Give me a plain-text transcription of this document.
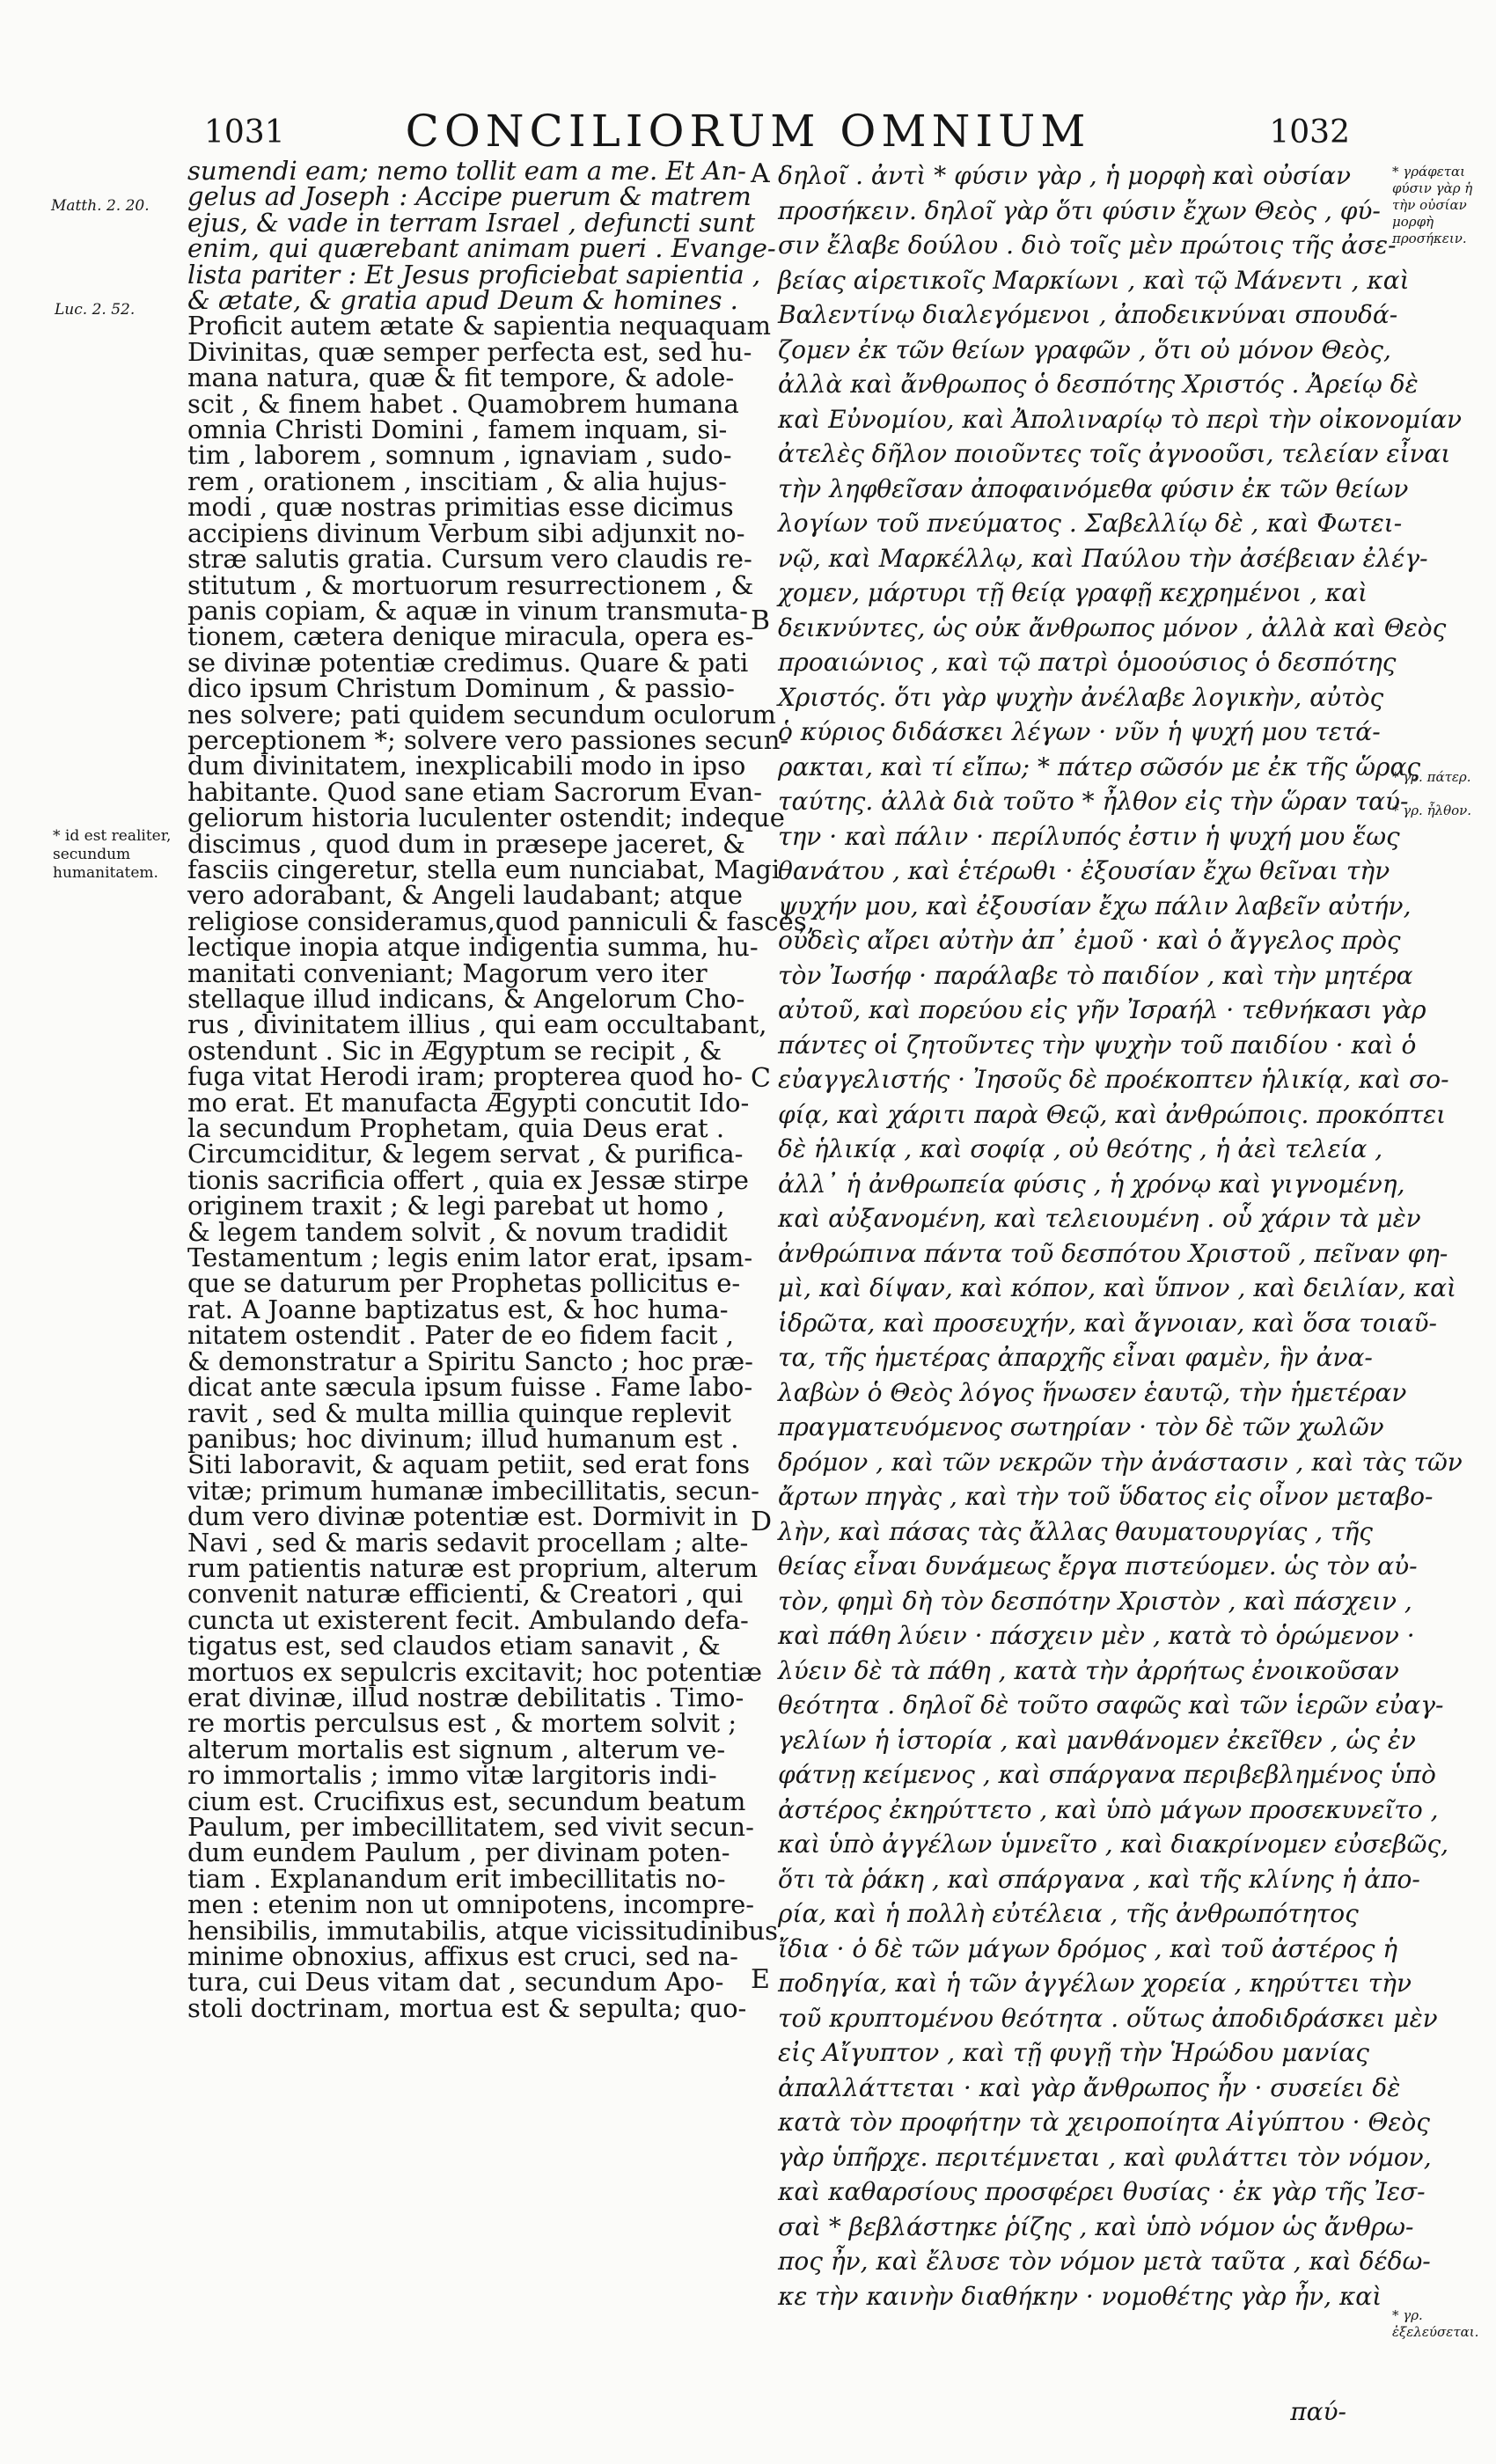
1031	CONCILIORUM OMNIUM	1032
Matth. 2. 20.
Luc. 2. 52.
* id est realiter, secundum humanitatem.
* γράφεται φύσιν γὰρ ἡ τὴν οὐσίαν μορφὴ προσήκειν.
* γρ. πάτερ.
* γρ. ἦλθον.
* γρ. ἐξελεύσεται.
A
B
C
D
E

sumendi eam; nemo tollit eam a me. Et An-

gelus ad Joseph : Accipe puerum & matrem

ejus, & vade in terram Israel , defuncti sunt

enim, qui quærebant animam pueri . Evange-

lista pariter : Et Jesus proficiebat sapientia ,

& ætate, & gratia apud Deum & homines .

Proficit autem ætate & sapientia nequaquam

Divinitas, quæ semper perfecta est, sed hu-

mana natura, quæ & fit tempore, & adole-

scit , & finem habet . Quamobrem humana

omnia Christi Domini , famem inquam, si-

tim , laborem , somnum , ignaviam , sudo-

rem , orationem , inscitiam , & alia hujus-

modi , quæ nostras primitias esse dicimus

accipiens divinum Verbum sibi adjunxit no-

stræ salutis gratia. Cursum vero claudis re-

stitutum , & mortuorum resurrectionem , &

panis copiam, & aquæ in vinum transmuta-

tionem, cætera denique miracula, opera es-

se divinæ potentiæ credimus. Quare & pati

dico ipsum Christum Dominum , & passio-

nes solvere; pati quidem secundum oculorum

perceptionem *; solvere vero passiones secun-

dum divinitatem, inexplicabili modo in ipso

habitante. Quod sane etiam Sacrorum Evan-

geliorum historia luculenter ostendit; indeque

discimus , quod dum in præsepe jaceret, &

fasciis cingeretur, stella eum nunciabat, Magi

vero adorabant, & Angeli laudabant; atque

religiose consideramus,quod panniculi & fasces,

lectique inopia atque indigentia summa, hu-

manitati conveniant; Magorum vero iter

stellaque illud indicans, & Angelorum Cho-

rus , divinitatem illius , qui eam occultabant,

ostendunt . Sic in Ægyptum se recipit , &

fuga vitat Herodi iram; propterea quod ho-

mo erat. Et manufacta Ægypti concutit Ido-

la secundum Prophetam, quia Deus erat .

Circumciditur, & legem servat , & purifica-

tionis sacrificia offert , quia ex Jessæ stirpe

originem traxit ; & legi parebat ut homo ,

& legem tandem solvit , & novum tradidit

Testamentum ; legis enim lator erat, ipsam-

que se daturum per Prophetas pollicitus e-

rat. A Joanne baptizatus est, & hoc huma-

nitatem ostendit . Pater de eo fidem facit ,

& demonstratur a Spiritu Sancto ; hoc præ-

dicat ante sæcula ipsum fuisse . Fame labo-

ravit , sed & multa millia quinque replevit

panibus; hoc divinum; illud humanum est .

Siti laboravit, & aquam petiit, sed erat fons

vitæ; primum humanæ imbecillitatis, secun-

dum vero divinæ potentiæ est. Dormivit in

Navi , sed & maris sedavit procellam ; alte-

rum patientis naturæ est proprium, alterum

convenit naturæ efficienti, & Creatori , qui

cuncta ut existerent fecit. Ambulando defa-

tigatus est, sed claudos etiam sanavit , &

mortuos ex sepulcris excitavit; hoc potentiæ

erat divinæ, illud nostræ debilitatis . Timo-

re mortis perculsus est , & mortem solvit ;

alterum mortalis est signum , alterum ve-

ro immortalis ; immo vitæ largitoris indi-

cium est. Crucifixus est, secundum beatum

Paulum, per imbecillitatem, sed vivit secun-

dum eundem Paulum , per divinam poten-

tiam . Explanandum erit imbecillitatis no-

men : etenim non ut omnipotens, incompre-

hensibilis, immutabilis, atque vicissitudinibus

minime obnoxius, affixus est cruci, sed na-

tura, cui Deus vitam dat , secundum Apo-

stoli doctrinam, mortua est & sepulta; quo-

δηλοῖ . ἀντὶ * φύσιν γὰρ , ἡ μορφὴ καὶ οὐσίαν

προσήκειν. δηλοῖ γὰρ ὅτι φύσιν ἔχων Θεὸς , φύ-

σιν ἔλαβε δούλου . διὸ τοῖς μὲν πρώτοις τῆς ἀσε-

βείας αἱρετικοῖς Μαρκίωνι , καὶ τῷ Μάνεντι , καὶ

Βαλεντίνῳ διαλεγόμενοι , ἀποδεικνύναι σπουδά-

ζομεν ἐκ τῶν θείων γραφῶν , ὅτι οὐ μόνον Θεὸς,

ἀλλὰ καὶ ἄνθρωπος ὁ δεσπότης Χριστός . Ἀρείῳ δὲ

καὶ Εὐνομίου, καὶ Ἀπολιναρίῳ τὸ περὶ τὴν οἰκονομίαν

ἀτελὲς δῆλον ποιοῦντες τοῖς ἀγνοοῦσι, τελείαν εἶναι

τὴν ληφθεῖσαν ἀποφαινόμεθα φύσιν ἐκ τῶν θείων

λογίων τοῦ πνεύματος . Σαβελλίῳ δὲ , καὶ Φωτει-

νῷ, καὶ Μαρκέλλῳ, καὶ Παύλου τὴν ἀσέβειαν ἐλέγ-

χομεν, μάρτυρι τῇ θείᾳ γραφῇ κεχρημένοι , καὶ

δεικνύντες, ὡς οὐκ ἄνθρωπος μόνον , ἀλλὰ καὶ Θεὸς

προαιώνιος , καὶ τῷ πατρὶ ὁμοούσιος ὁ δεσπότης

Χριστός. ὅτι γὰρ ψυχὴν ἀνέλαβε λογικὴν, αὐτὸς

ὁ κύριος διδάσκει λέγων · νῦν ἡ ψυχή μου τετά-

ρακται, καὶ τί εἴπω; * πάτερ σῶσόν με ἐκ τῆς ὥρας

ταύτης. ἀλλὰ διὰ τοῦτο * ἦλθον εἰς τὴν ὥραν ταύ-

την · καὶ πάλιν · περίλυπός ἐστιν ἡ ψυχή μου ἕως

θανάτου , καὶ ἑτέρωθι · ἐξουσίαν ἔχω θεῖναι τὴν

ψυχήν μου, καὶ ἐξουσίαν ἔχω πάλιν λαβεῖν αὐτήν,

οὐδεὶς αἴρει αὐτὴν ἀπ᾿ ἐμοῦ · καὶ ὁ ἄγγελος πρὸς

τὸν Ἰωσήφ · παράλαβε τὸ παιδίον , καὶ τὴν μητέρα

αὐτοῦ, καὶ πορεύου εἰς γῆν Ἰσραήλ · τεθνήκασι γὰρ

πάντες οἱ ζητοῦντες τὴν ψυχὴν τοῦ παιδίου · καὶ ὁ

εὐαγγελιστής · Ἰησοῦς δὲ προέκοπτεν ἡλικίᾳ, καὶ σο-

φίᾳ, καὶ χάριτι παρὰ Θεῷ, καὶ ἀνθρώποις. προκόπτει

δὲ ἡλικίᾳ , καὶ σοφίᾳ , οὐ θεότης , ἡ ἀεὶ τελεία ,

ἀλλ᾿ ἡ ἀνθρωπεία φύσις , ἡ χρόνῳ καὶ γιγνομένη,

καὶ αὐξανομένη, καὶ τελειουμένη . οὗ χάριν τὰ μὲν

ἀνθρώπινα πάντα τοῦ δεσπότου Χριστοῦ , πεῖναν φη-

μὶ, καὶ δίψαν, καὶ κόπον, καὶ ὕπνον , καὶ δειλίαν, καὶ

ἱδρῶτα, καὶ προσευχήν, καὶ ἄγνοιαν, καὶ ὅσα τοιαῦ-

τα, τῆς ἡμετέρας ἀπαρχῆς εἶναι φαμὲν, ἣν ἀνα-

λαβὼν ὁ Θεὸς λόγος ἥνωσεν ἑαυτῷ, τὴν ἡμετέραν

πραγματευόμενος σωτηρίαν · τὸν δὲ τῶν χωλῶν

δρόμον , καὶ τῶν νεκρῶν τὴν ἀνάστασιν , καὶ τὰς τῶν

ἄρτων πηγὰς , καὶ τὴν τοῦ ὕδατος εἰς οἶνον μεταβο-

λὴν, καὶ πάσας τὰς ἄλλας θαυματουργίας , τῆς

θείας εἶναι δυνάμεως ἔργα πιστεύομεν. ὡς τὸν αὐ-

τὸν, φημὶ δὴ τὸν δεσπότην Χριστὸν , καὶ πάσχειν ,

καὶ πάθη λύειν · πάσχειν μὲν , κατὰ τὸ ὁρώμενον ·

λύειν δὲ τὰ πάθη , κατὰ τὴν ἀρρήτως ἐνοικοῦσαν

θεότητα . δηλοῖ δὲ τοῦτο σαφῶς καὶ τῶν ἱερῶν εὐαγ-

γελίων ἡ ἱστορία , καὶ μανθάνομεν ἐκεῖθεν , ὡς ἐν

φάτνῃ κείμενος , καὶ σπάργανα περιβεβλημένος ὑπὸ

ἀστέρος ἐκηρύττετο , καὶ ὑπὸ μάγων προσεκυνεῖτο ,

καὶ ὑπὸ ἀγγέλων ὑμνεῖτο , καὶ διακρίνομεν εὐσεβῶς,

ὅτι τὰ ῥάκη , καὶ σπάργανα , καὶ τῆς κλίνης ἡ ἀπο-

ρία, καὶ ἡ πολλὴ εὐτέλεια , τῆς ἀνθρωπότητος

ἴδια · ὁ δὲ τῶν μάγων δρόμος , καὶ τοῦ ἀστέρος ἡ

ποδηγία, καὶ ἡ τῶν ἀγγέλων χορεία , κηρύττει τὴν

τοῦ κρυπτομένου θεότητα . οὕτως ἀποδιδράσκει μὲν

εἰς Αἴγυπτον , καὶ τῇ φυγῇ τὴν Ἡρώδου μανίας

ἀπαλλάττεται · καὶ γὰρ ἄνθρωπος ἦν · συσείει δὲ

κατὰ τὸν προφήτην τὰ χειροποίητα Αἰγύπτου · Θεὸς

γὰρ ὑπῆρχε. περιτέμνεται , καὶ φυλάττει τὸν νόμον,

καὶ καθαρσίους προσφέρει θυσίας · ἐκ γὰρ τῆς Ἰεσ-

σαὶ * βεβλάστηκε ῥίζης , καὶ ὑπὸ νόμον ὡς ἄνθρω-

πος ἦν, καὶ ἔλυσε τὸν νόμον μετὰ ταῦτα , καὶ δέδω-

κε τὴν καινὴν διαθήκην · νομοθέτης γὰρ ἦν, καὶ

παύ-
